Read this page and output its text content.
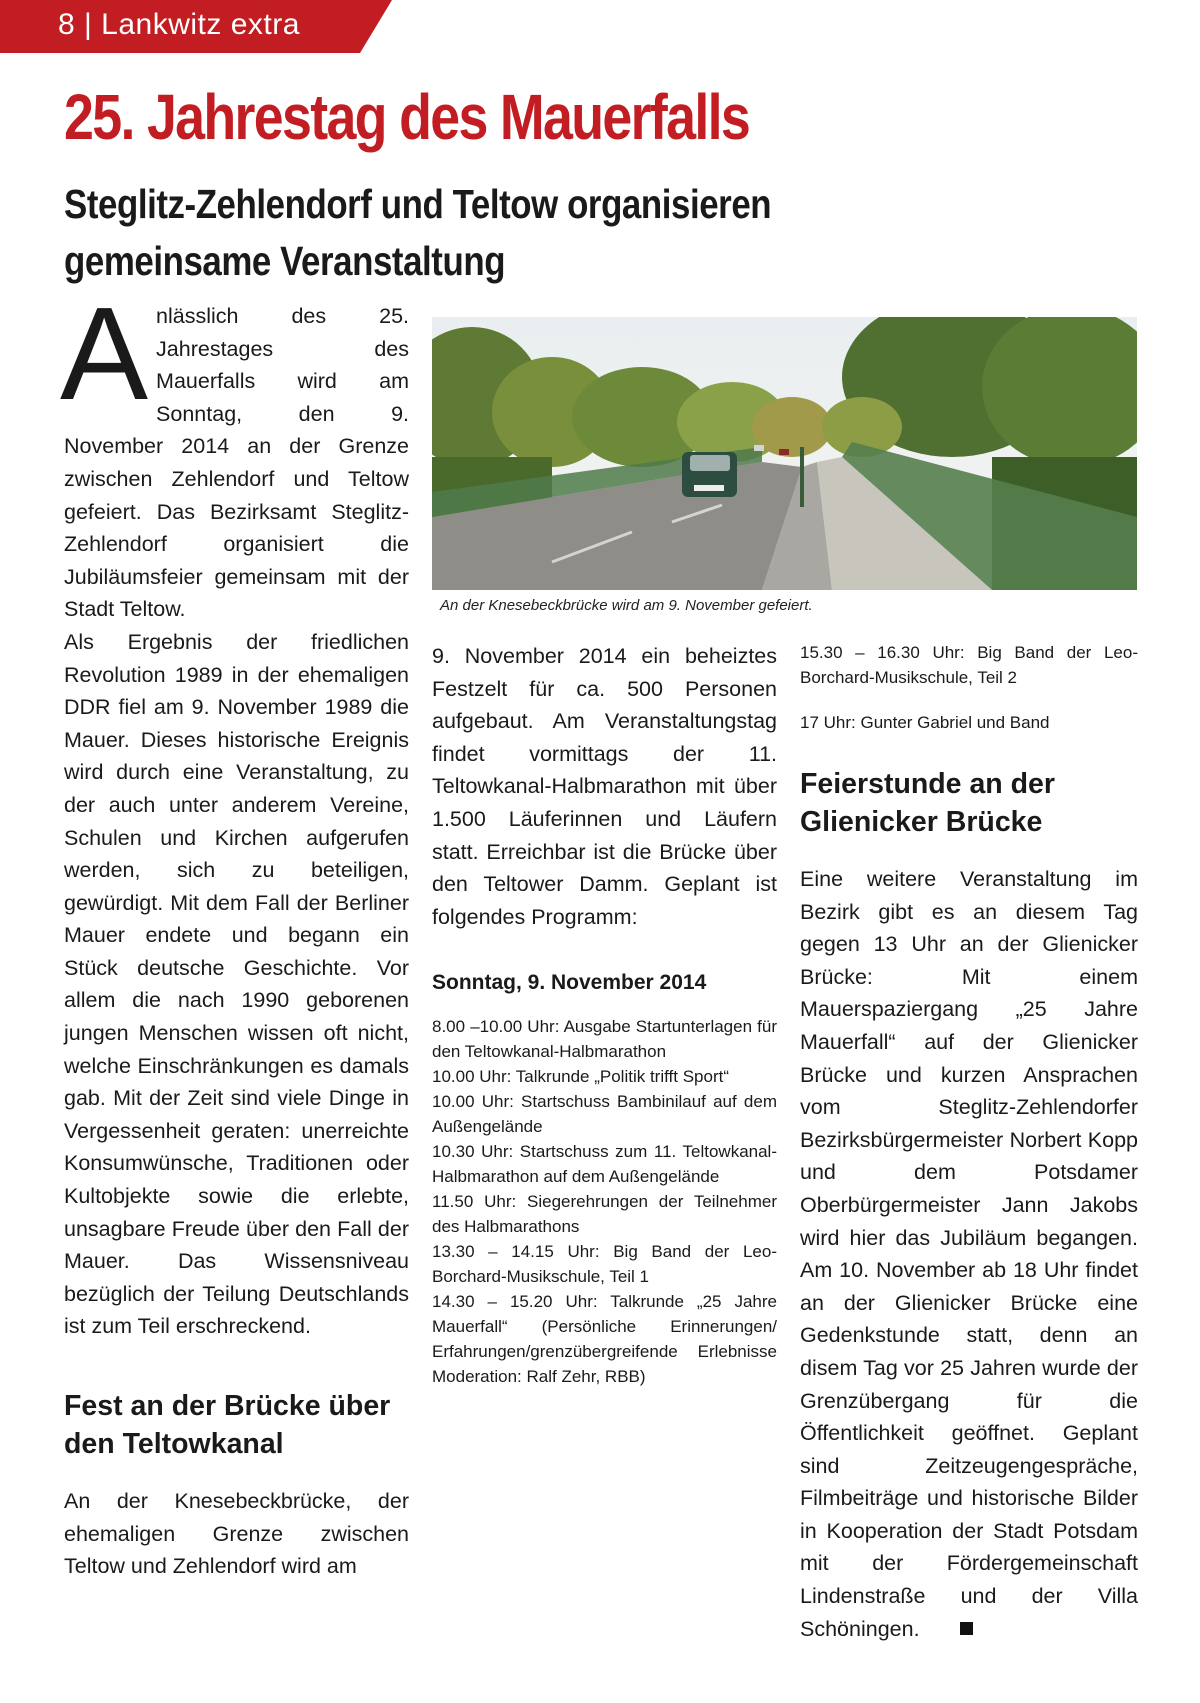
8 | Lankwitz extra
25. Jahrestag des Mauerfalls
Steglitz-Zehlendorf und Teltow organisieren gemeinsame Veranstaltung

Anlässlich des 25. Jahrestages des Mauerfalls wird am Sonntag, den 9. November 2014 an der Grenze zwischen Zehlendorf und Teltow gefeiert. Das Bezirksamt Steglitz-Zehlendorf organisiert die Jubiläumsfeier gemeinsam mit der Stadt Teltow.

Als Ergebnis der friedlichen Revolution 1989 in der ehemaligen DDR fiel am 9. November 1989 die Mauer. Dieses historische Ereignis wird durch eine Veranstaltung, zu der auch unter anderem Vereine, Schulen und Kirchen aufgerufen werden, sich zu beteiligen, gewürdigt. Mit dem Fall der Berliner Mauer endete und begann ein Stück deutsche Geschichte. Vor allem die nach 1990 geborenen jungen Menschen wissen oft nicht, welche Einschränkungen es damals gab. Mit der Zeit sind viele Dinge in Vergessenheit geraten: unerreichte Konsumwünsche, Traditionen oder Kultobjekte sowie die erlebte, unsagbare Freude über den Fall der Mauer. Das Wissensniveau bezüglich der Teilung Deutschlands ist zum Teil erschreckend.

Fest an der Brücke über den Teltowkanal

An der Knesebeckbrücke, der ehemaligen Grenze zwischen Teltow und Zehlendorf wird am

An der Knesebeckbrücke wird am 9. November gefeiert.

9. November 2014 ein beheiztes Festzelt für ca. 500 Personen aufgebaut. Am Veranstaltungstag findet vormittags der 11. Teltowkanal-Halbmarathon mit über 1.500 Läuferinnen und Läufern statt. Erreichbar ist die Brücke über den Teltower Damm. Geplant ist folgendes Programm:

Sonntag, 9. November 2014

8.00 –10.00 Uhr: Ausgabe Startunterlagen für den Teltowkanal-Halbmarathon

10.00 Uhr: Talkrunde „Politik trifft Sport“

10.00 Uhr: Startschuss Bambinilauf auf dem Außengelände

10.30 Uhr: Startschuss zum 11. Teltowkanal-Halbmarathon auf dem Außengelände

11.50 Uhr: Siegerehrungen der Teilnehmer des Halbmarathons

13.30 – 14.15 Uhr: Big Band der Leo-Borchard-Musikschule, Teil 1

14.30 – 15.20 Uhr: Talkrunde „25 Jahre Mauerfall“ (Persönliche Erinnerungen/ Erfahrungen/grenzübergreifende Erlebnisse Moderation: Ralf Zehr, RBB)

15.30 – 16.30 Uhr: Big Band der Leo-Borchard-Musikschule, Teil 2

17 Uhr: Gunter Gabriel und Band

Feierstunde an der Glienicker Brücke

Eine weitere Veranstaltung im Bezirk gibt es an diesem Tag gegen 13 Uhr an der Glienicker Brücke: Mit einem Mauerspaziergang „25 Jahre Mauerfall“ auf der Glienicker Brücke und kurzen Ansprachen vom Steglitz-Zehlendorfer Bezirksbürgermeister Norbert Kopp und dem Potsdamer Oberbürgermeister Jann Jakobs wird hier das Jubiläum begangen. Am 10. November ab 18 Uhr findet an der Glienicker Brücke eine Gedenkstunde statt, denn an disem Tag vor 25 Jahren wurde der Grenzübergang für die Öffentlichkeit geöffnet. Geplant sind Zeitzeugengespräche, Filmbeiträge und historische Bilder in Kooperation der Stadt Potsdam mit der Fördergemeinschaft Lindenstraße und der Villa Schöningen.
